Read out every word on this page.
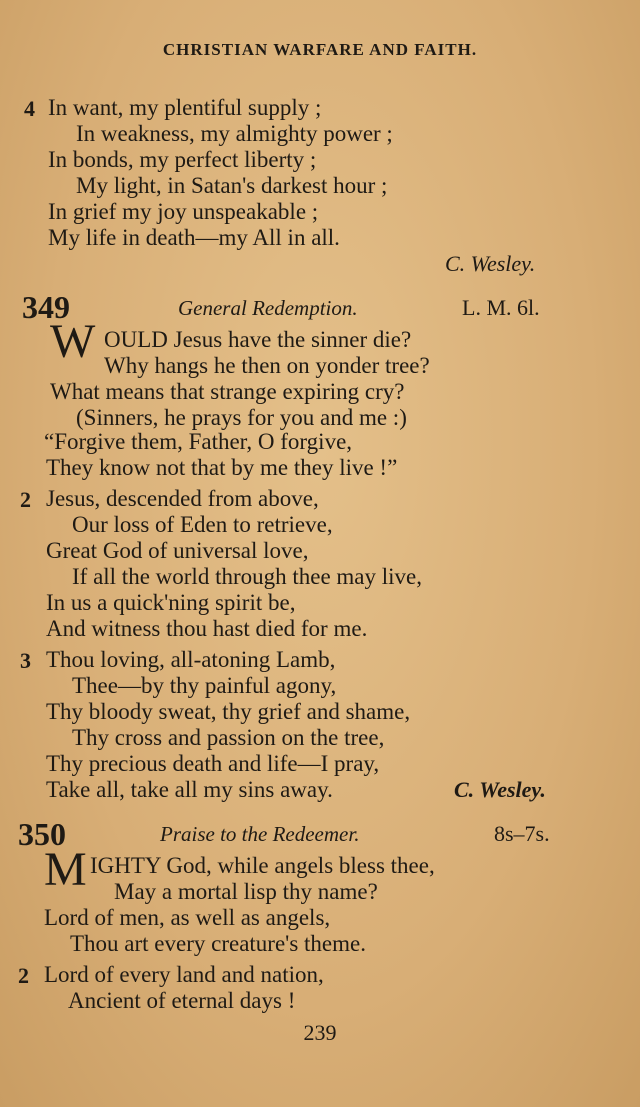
CHRISTIAN WARFARE AND FAITH.
4 In want, my plentiful supply ;
In weakness, my almighty power ;
In bonds, my perfect liberty ;
My light, in Satan's darkest hour ;
In grief my joy unspeakable ;
My life in death—my All in all.
C. Wesley.
349	General Redemption.	L. M. 6l.
W OULD Jesus have the sinner die?
Why hangs he then on yonder tree?
What means that strange expiring cry?
(Sinners, he prays for you and me :)
“Forgive them, Father, O forgive,
They know not that by me they live !”
2 Jesus, descended from above,
Our loss of Eden to retrieve,
Great God of universal love,
If all the world through thee may live,
In us a quick'ning spirit be,
And witness thou hast died for me.
3 Thou loving, all-atoning Lamb,
Thee—by thy painful agony,
Thy bloody sweat, thy grief and shame,
Thy cross and passion on the tree,
Thy precious death and life—I pray,
Take all, take all my sins away.	C. Wesley.
350	Praise to the Redeemer.	8s–7s.
M IGHTY God, while angels bless thee,
May a mortal lisp thy name?
Lord of men, as well as angels,
Thou art every creature's theme.
2 Lord of every land and nation,
Ancient of eternal days !
239
